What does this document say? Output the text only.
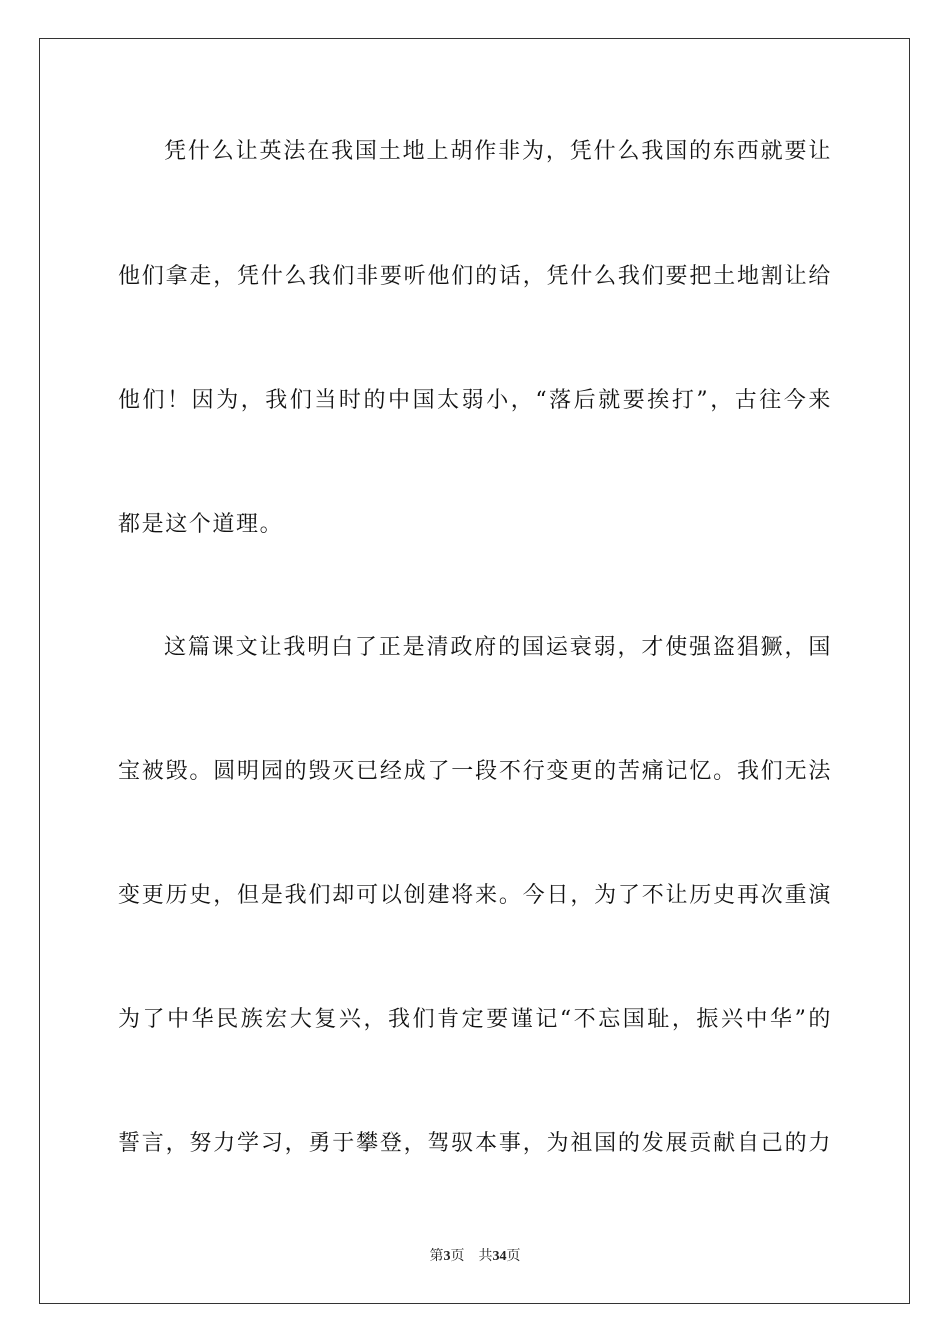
凭什么让英法在我国土地上胡作非为，凭什么我国的东西就要让
他们拿走，凭什么我们非要听他们的话，凭什么我们要把土地割让给
他们！因为，我们当时的中国太弱小，“落后就要挨打”，古往今来
都是这个道理。
这篇课文让我明白了正是清政府的国运衰弱，才使强盗猖獗，国
宝被毁。圆明园的毁灭已经成了一段不行变更的苦痛记忆。我们无法
变更历史，但是我们却可以创建将来。今日，为了不让历史再次重演
为了中华民族宏大复兴，我们肯定要谨记“不忘国耻，振兴中华”的
誓言，努力学习，勇于攀登，驾驭本事，为祖国的发展贡献自己的力
第3页 共34页
